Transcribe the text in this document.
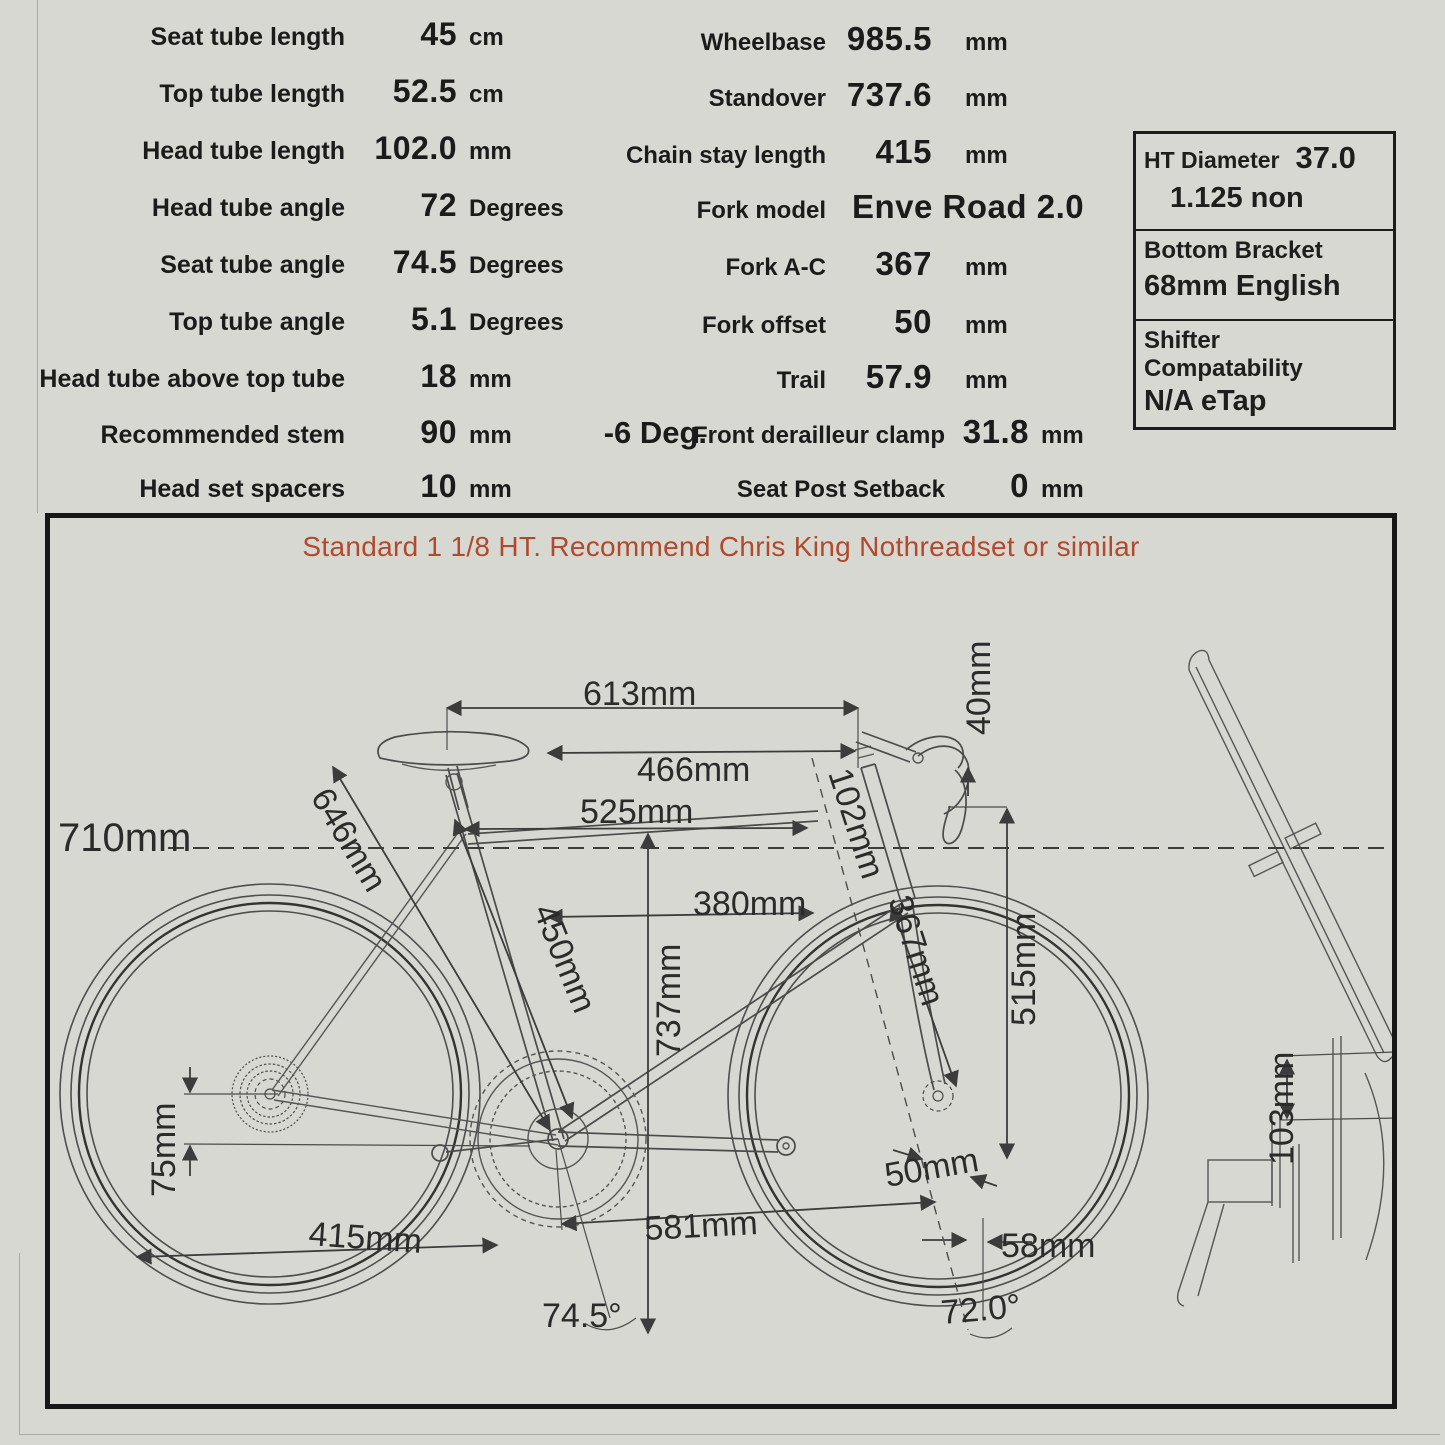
Seat tube length	45 cm
Top tube length	52.5 cm
Head tube length 102.0 mm
Head tube angle	72 Degrees
Seat tube angle	74.5 Degrees
Top tube angle	5.1 Degrees
Head tube above top tube	18 mm
Recommended stem	90 mm	-6 Deg.
Head set spacers	10 mm
Wheelbase 985.5 mm
Standover 737.6 mm
Chain stay length	415 mm
Fork model Enve Road 2.0
Fork A-C	367 mm
Fork offset	50 mm
Trail	57.9 mm
Front derailleur clamp 31.8 mm
Seat Post Setback	0 mm
HT Diameter 37.0
1.125 non
Bottom Bracket
68mm English
Shifter Compatability
N/A eTap
Standard 1 1/8 HT. Recommend Chris King Nothreadset or similar
613mm
466mm
525mm
380mm
710mm	646mm
450mm 737mm
102mm
40mm
367mm 515mm
50mm
581mm	58mm
415mm
75mm
74.5°	72.0°
103mm
